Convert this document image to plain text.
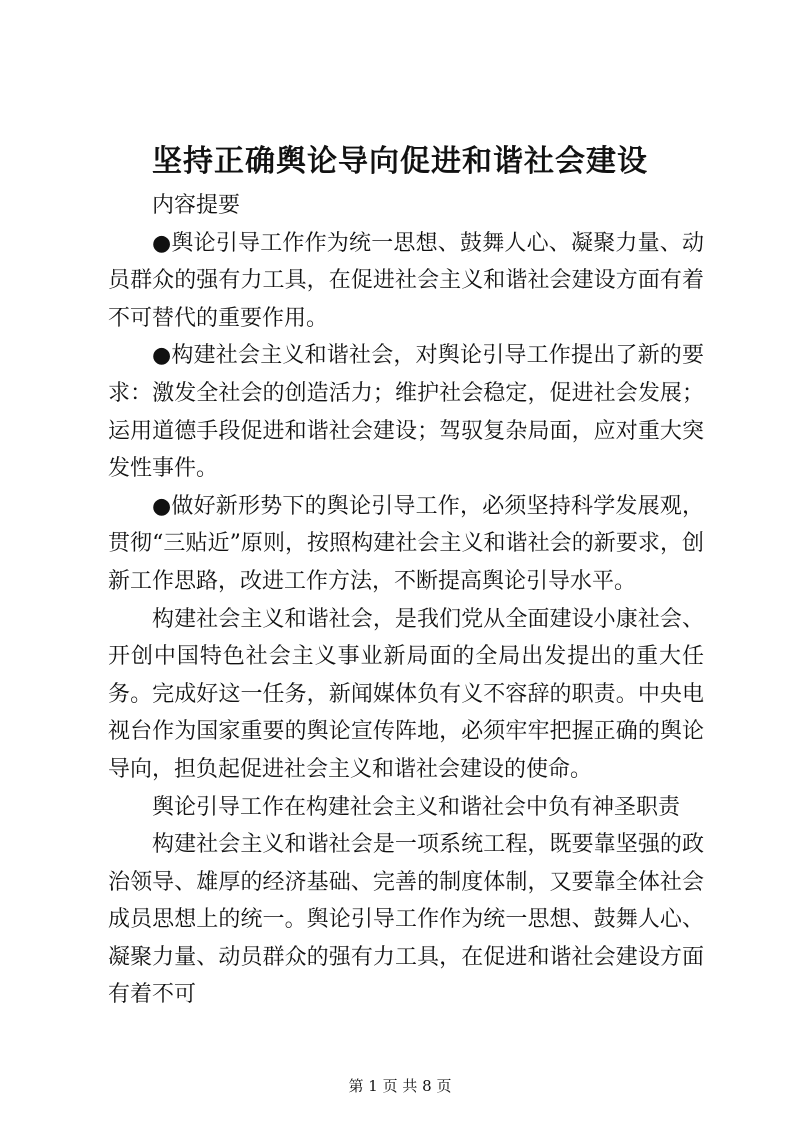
坚持正确舆论导向促进和谐社会建设

内容提要

●舆论引导工作作为统一思想、鼓舞人心、凝聚力量、动员群众的强有力工具，在促进社会主义和谐社会建设方面有着不可替代的重要作用。

●构建社会主义和谐社会，对舆论引导工作提出了新的要求：激发全社会的创造活力；维护社会稳定，促进社会发展；运用道德手段促进和谐社会建设；驾驭复杂局面，应对重大突发性事件。

●做好新形势下的舆论引导工作，必须坚持科学发展观，贯彻“三贴近”原则，按照构建社会主义和谐社会的新要求，创新工作思路，改进工作方法，不断提高舆论引导水平。

构建社会主义和谐社会，是我们党从全面建设小康社会、开创中国特色社会主义事业新局面的全局出发提出的重大任务。完成好这一任务，新闻媒体负有义不容辞的职责。中央电视台作为国家重要的舆论宣传阵地，必须牢牢把握正确的舆论导向，担负起促进社会主义和谐社会建设的使命。

舆论引导工作在构建社会主义和谐社会中负有神圣职责

构建社会主义和谐社会是一项系统工程，既要靠坚强的政治领导、雄厚的经济基础、完善的制度体制，又要靠全体社会成员思想上的统一。舆论引导工作作为统一思想、鼓舞人心、凝聚力量、动员群众的强有力工具，在促进和谐社会建设方面有着不可

第 1 页 共 8 页
